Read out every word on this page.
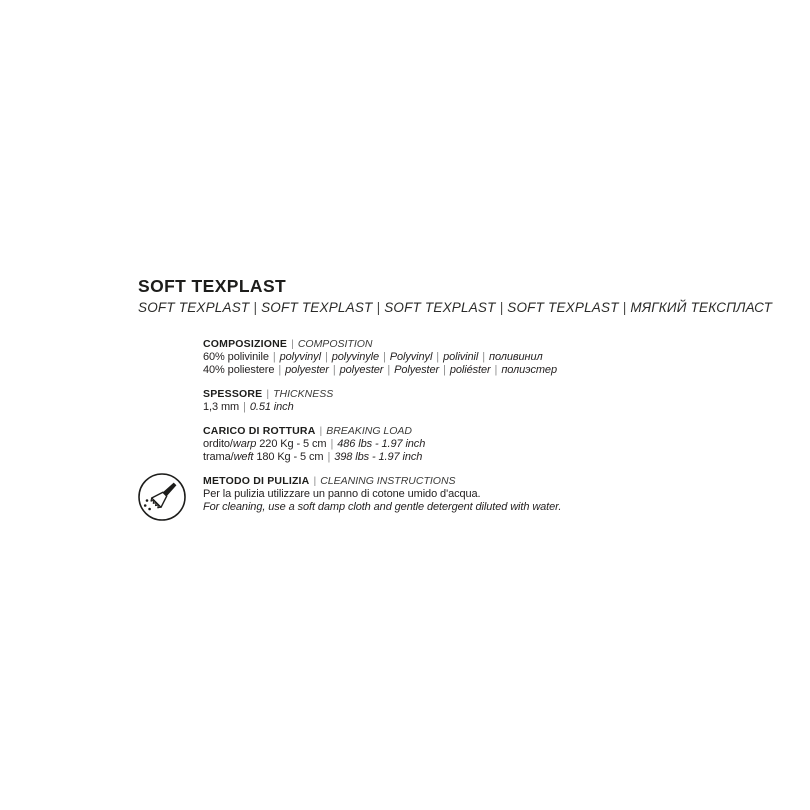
SOFT TEXPLAST

SOFT TEXPLAST | SOFT TEXPLAST | SOFT TEXPLAST | SOFT TEXPLAST | МЯГКИЙ ТЕКСПЛАСТ

COMPOSIZIONE | COMPOSITION
60% polivinile | polyvinyl | polyvinyle | Polyvinyl | polivinil | поливинил
40% poliestere | polyester | polyester | Polyester | poliéster | полиэстер
SPESSORE | THICKNESS
1,3 mm | 0.51 inch
CARICO DI ROTTURA | BREAKING LOAD
ordito/warp 220 Kg - 5 cm | 486 lbs - 1.97 inch
trama/weft 180 Kg - 5 cm | 398 lbs - 1.97 inch
METODO DI PULIZIA | CLEANING INSTRUCTIONS
Per la pulizia utilizzare un panno di cotone umido d'acqua.
For cleaning, use a soft damp cloth and gentle detergent diluted with water.
